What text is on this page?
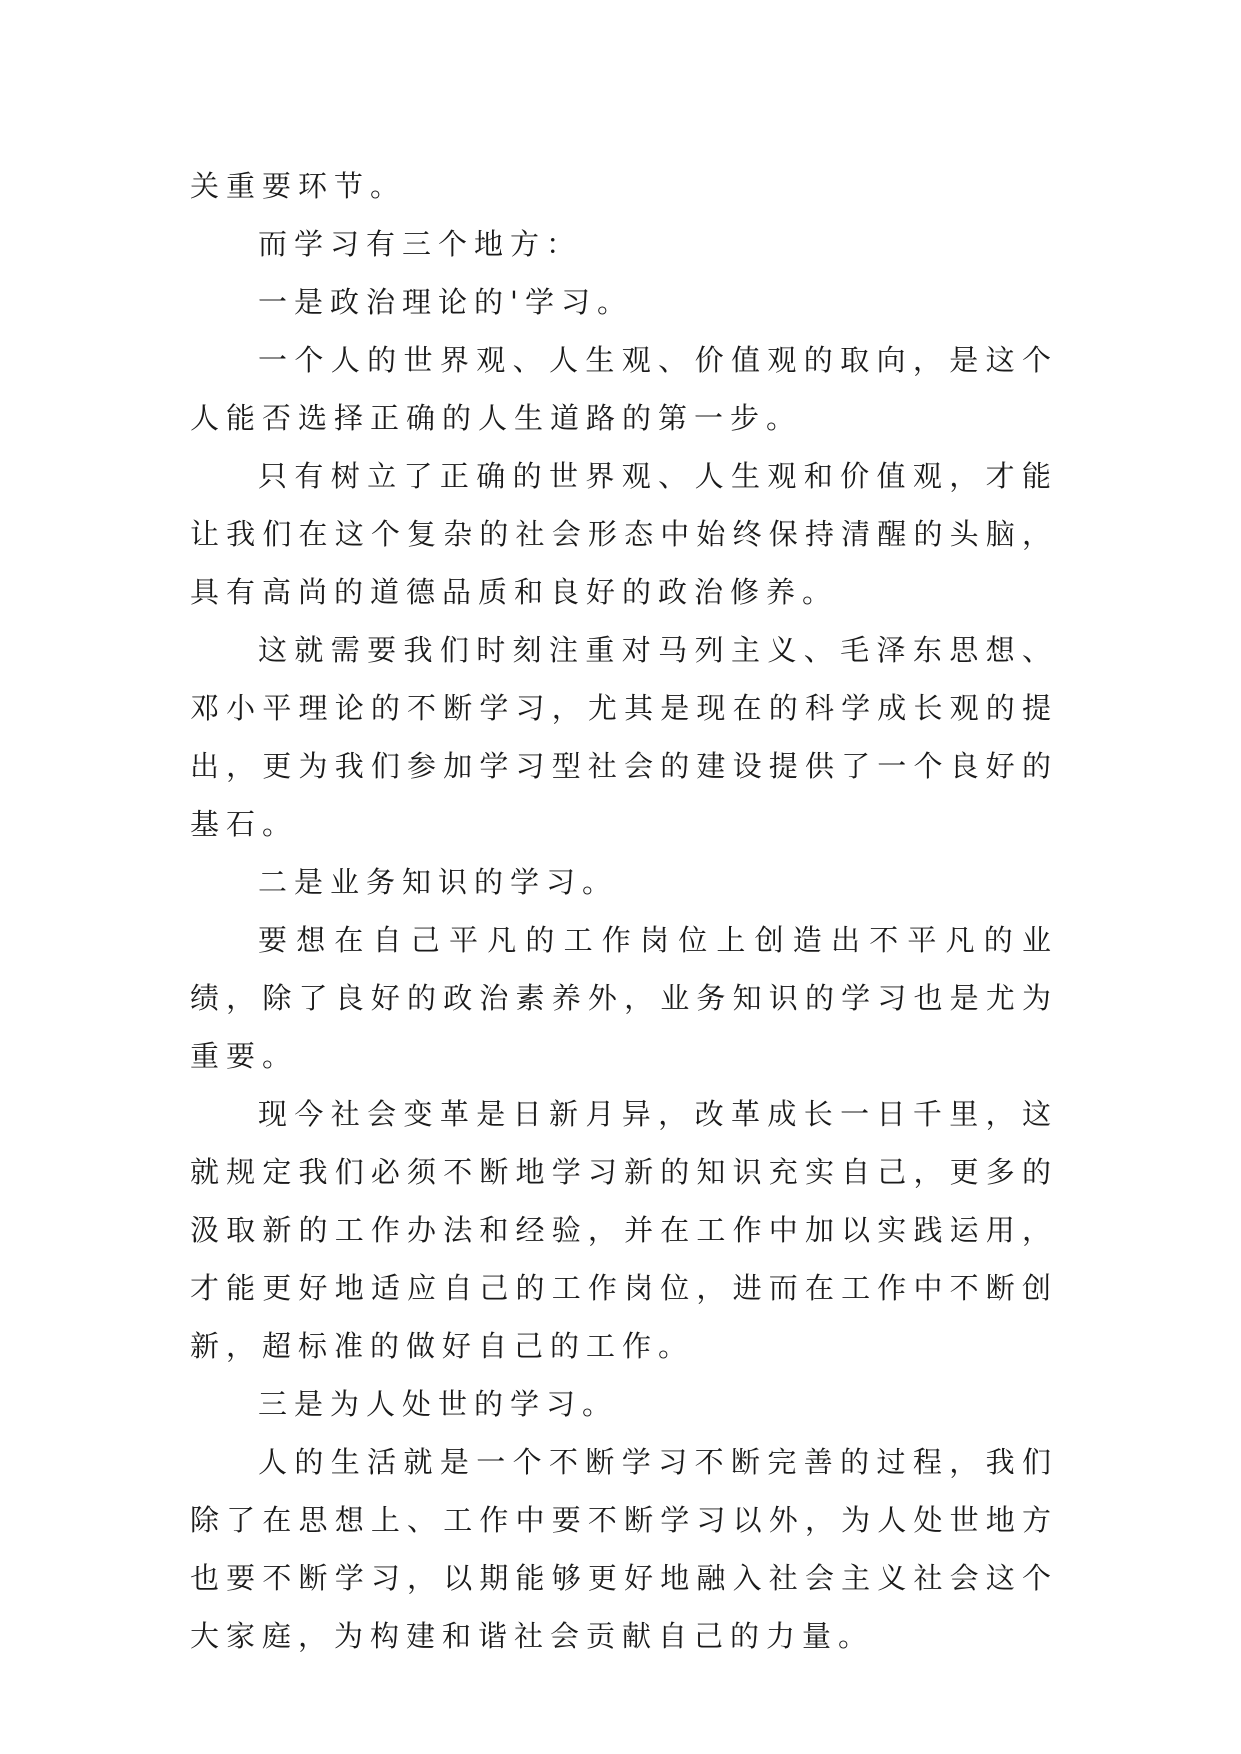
关重要环节。

而学习有三个地方：

一是政治理论的'学习。

一个人的世界观、人生观、价值观的取向，是这个人能否选择正确的人生道路的第一步。

只有树立了正确的世界观、人生观和价值观，才能让我们在这个复杂的社会形态中始终保持清醒的头脑，具有高尚的道德品质和良好的政治修养。

这就需要我们时刻注重对马列主义、毛泽东思想、邓小平理论的不断学习，尤其是现在的科学成长观的提出，更为我们参加学习型社会的建设提供了一个良好的基石。

二是业务知识的学习。

要想在自己平凡的工作岗位上创造出不平凡的业绩，除了良好的政治素养外，业务知识的学习也是尤为重要。

现今社会变革是日新月异，改革成长一日千里，这就规定我们必须不断地学习新的知识充实自己，更多的汲取新的工作办法和经验，并在工作中加以实践运用，才能更好地适应自己的工作岗位，进而在工作中不断创新，超标准的做好自己的工作。

三是为人处世的学习。

人的生活就是一个不断学习不断完善的过程，我们除了在思想上、工作中要不断学习以外，为人处世地方也要不断学习，以期能够更好地融入社会主义社会这个大家庭，为构建和谐社会贡献自己的力量。
